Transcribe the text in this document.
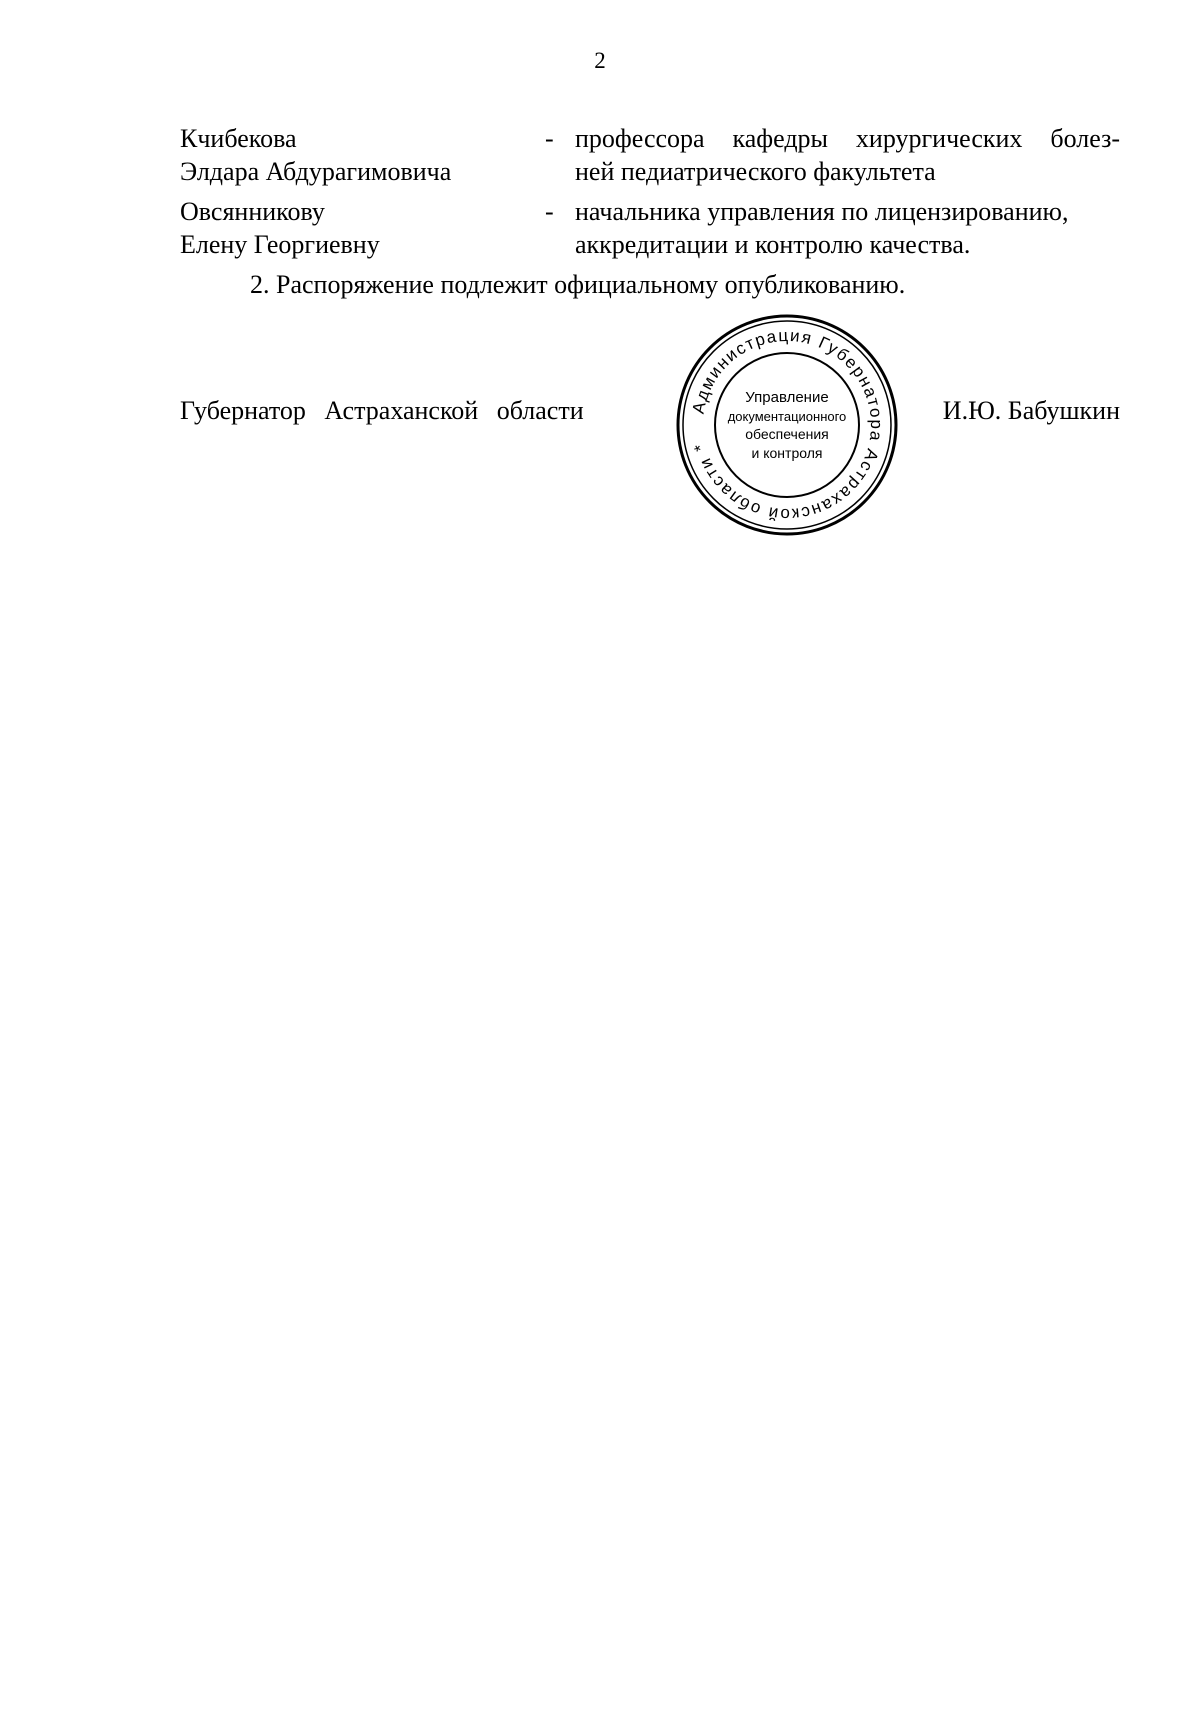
2
Кчибекова
Элдара Абдурагимовича
- профессора кафедры хирургических болез-
ней педиатрического факультета
Овсянникову
Елену Георгиевну
- начальника управления по лицензированию,
аккредитации и контролю качества.
2. Распоряжение подлежит официальному опубликованию.
Губернатор Астраханской области	И.Ю. Бабушкин
Администрация Губернатора Астраханской области *
Управление
документационного
обеспечения
и контроля
